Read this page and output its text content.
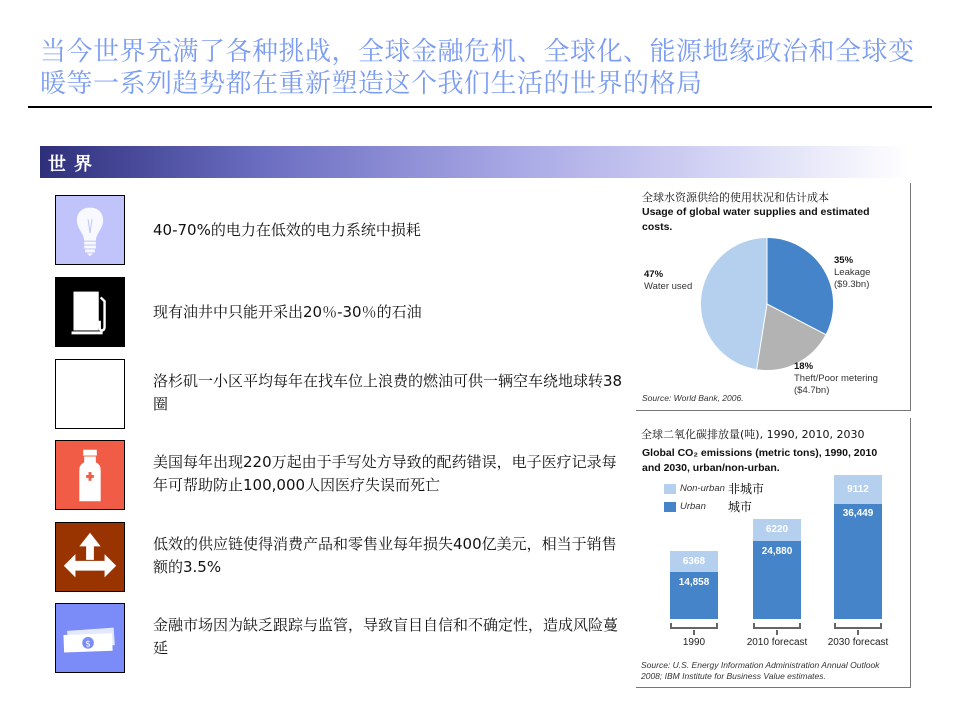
当今世界充满了各种挑战，全球金融危机、全球化、能源地缘政治和全球变暖等一系列趋势都在重新塑造这个我们生活的世界的格局
世界
40-70%的电力在低效的电力系统中损耗
现有油井中只能开采出20％-30％的石油
洛杉矶一小区平均每年在找车位上浪费的燃油可供一辆空车绕地球转38圈
美国每年出现220万起由于手写处方导致的配药错误，电子医疗记录每年可帮助防止100,000人因医疗失误而死亡
低效的供应链使得消费产品和零售业每年损失400亿美元，相当于销售额的3.5%
$
金融市场因为缺乏跟踪与监管，导致盲目自信和不确定性，造成风险蔓延
全球水资源供给的使用状况和估计成本
Usage of global water supplies and estimated costs.
47%
Water used
35%
Leakage
($9.3bn)
18%
Theft/Poor metering
($4.7bn)
Source: World Bank, 2006.
全球二氧化碳排放量(吨), 1990, 2010, 2030
Global CO₂ emissions (metric tons), 1990, 2010
and 2030, urban/non-urban.
Non-urban 非城市
Urban 城市
6368
14,858
6220
24,880
9112
36,449
1990	2010 forecast	2030 forecast
Source: U.S. Energy Information Administration Annual Outlook
2008; IBM Institute for Business Value estimates.
